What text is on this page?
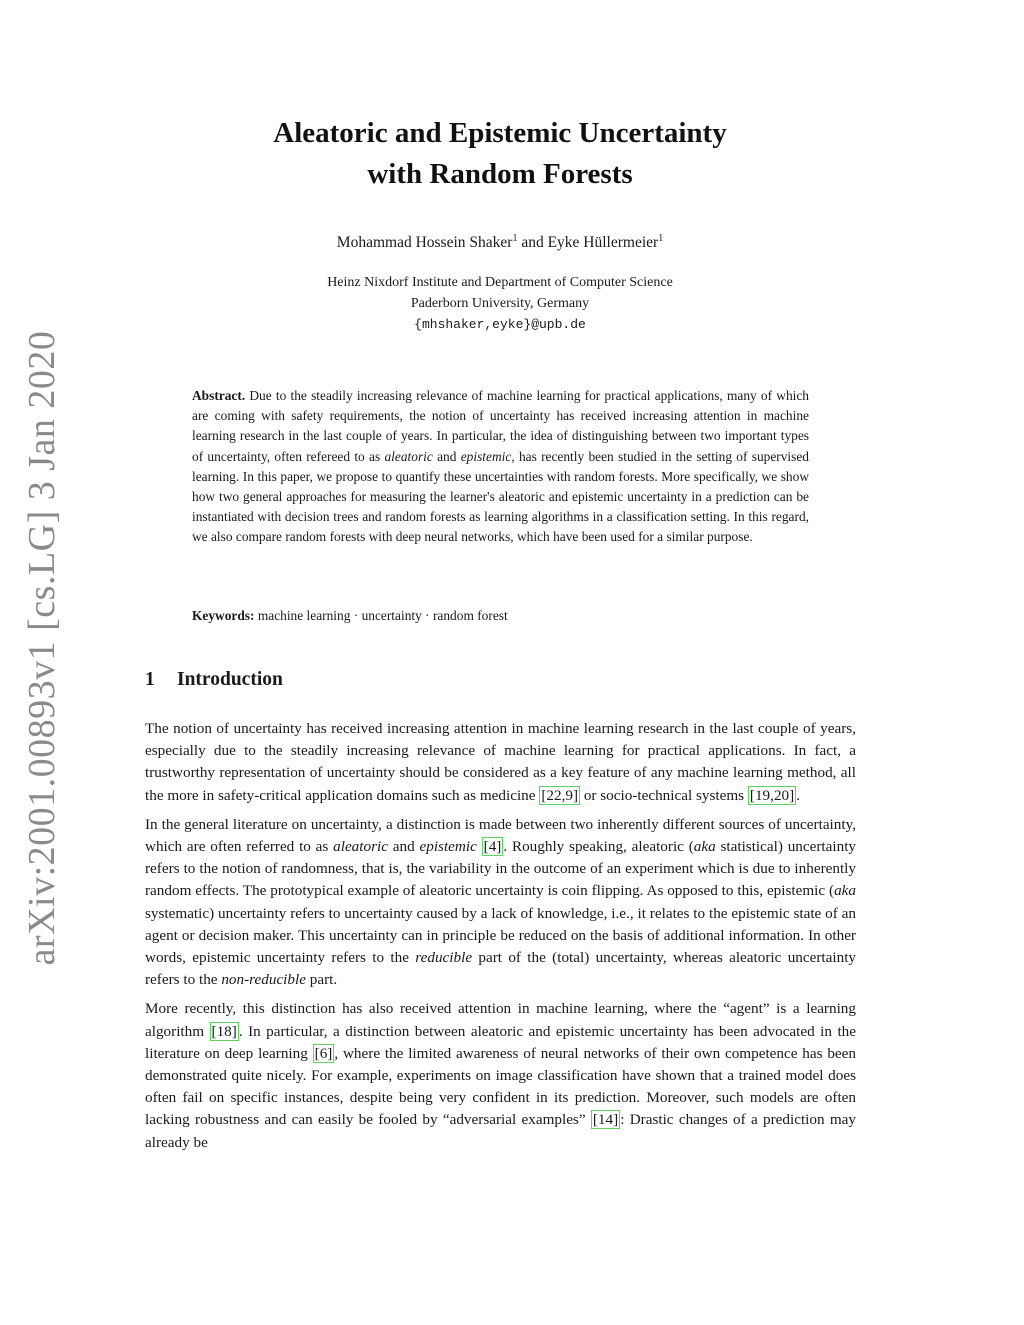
arXiv:2001.00893v1 [cs.LG] 3 Jan 2020
Aleatoric and Epistemic Uncertainty
with Random Forests
Mohammad Hossein Shaker$^1$ and Eyke Hüllermeier$^1$
Heinz Nixdorf Institute and Department of Computer Science
Paderborn University, Germany
{mhshaker,eyke}@upb.de
Abstract. Due to the steadily increasing relevance of machine learning for practical applications, many of which are coming with safety requirements, the notion of uncertainty has received increasing attention in machine learning research in the last couple of years. In particular, the idea of distinguishing between two important types of uncertainty, often refereed to as aleatoric and epistemic, has recently been studied in the setting of supervised learning. In this paper, we propose to quantify these uncertainties with random forests. More specifically, we show how two general approaches for measuring the learner's aleatoric and epistemic uncertainty in a prediction can be instantiated with decision trees and random forests as learning algorithms in a classification setting. In this regard, we also compare random forests with deep neural networks, which have been used for a similar purpose.
Keywords: machine learning · uncertainty · random forest
1 Introduction

The notion of uncertainty has received increasing attention in machine learning research in the last couple of years, especially due to the steadily increasing relevance of machine learning for practical applications. In fact, a trustworthy representation of uncertainty should be considered as a key feature of any machine learning method, all the more in safety-critical application domains such as medicine [22,9] or socio-technical systems [19,20] .

In the general literature on uncertainty, a distinction is made between two inherently different sources of uncertainty, which are often referred to as aleatoric and epistemic [4] . Roughly speaking, aleatoric (aka statistical) uncertainty refers to the notion of randomness, that is, the variability in the outcome of an experiment which is due to inherently random effects. The prototypical example of aleatoric uncertainty is coin flipping. As opposed to this, epistemic (aka systematic) uncertainty refers to uncertainty caused by a lack of knowledge, i.e., it relates to the epistemic state of an agent or decision maker. This uncertainty can in principle be reduced on the basis of additional information. In other words, epistemic uncertainty refers to the reducible part of the (total) uncertainty, whereas aleatoric uncertainty refers to the non-reducible part.

More recently, this distinction has also received attention in machine learning, where the “agent” is a learning algorithm [18] . In particular, a distinction between aleatoric and epistemic uncertainty has been advocated in the literature on deep learning [6] , where the limited awareness of neural networks of their own competence has been demonstrated quite nicely. For example, experiments on image classification have shown that a trained model does often fail on specific instances, despite being very confident in its prediction. Moreover, such models are often lacking robustness and can easily be fooled by “adversarial examples” [14] : Drastic changes of a prediction may already be
